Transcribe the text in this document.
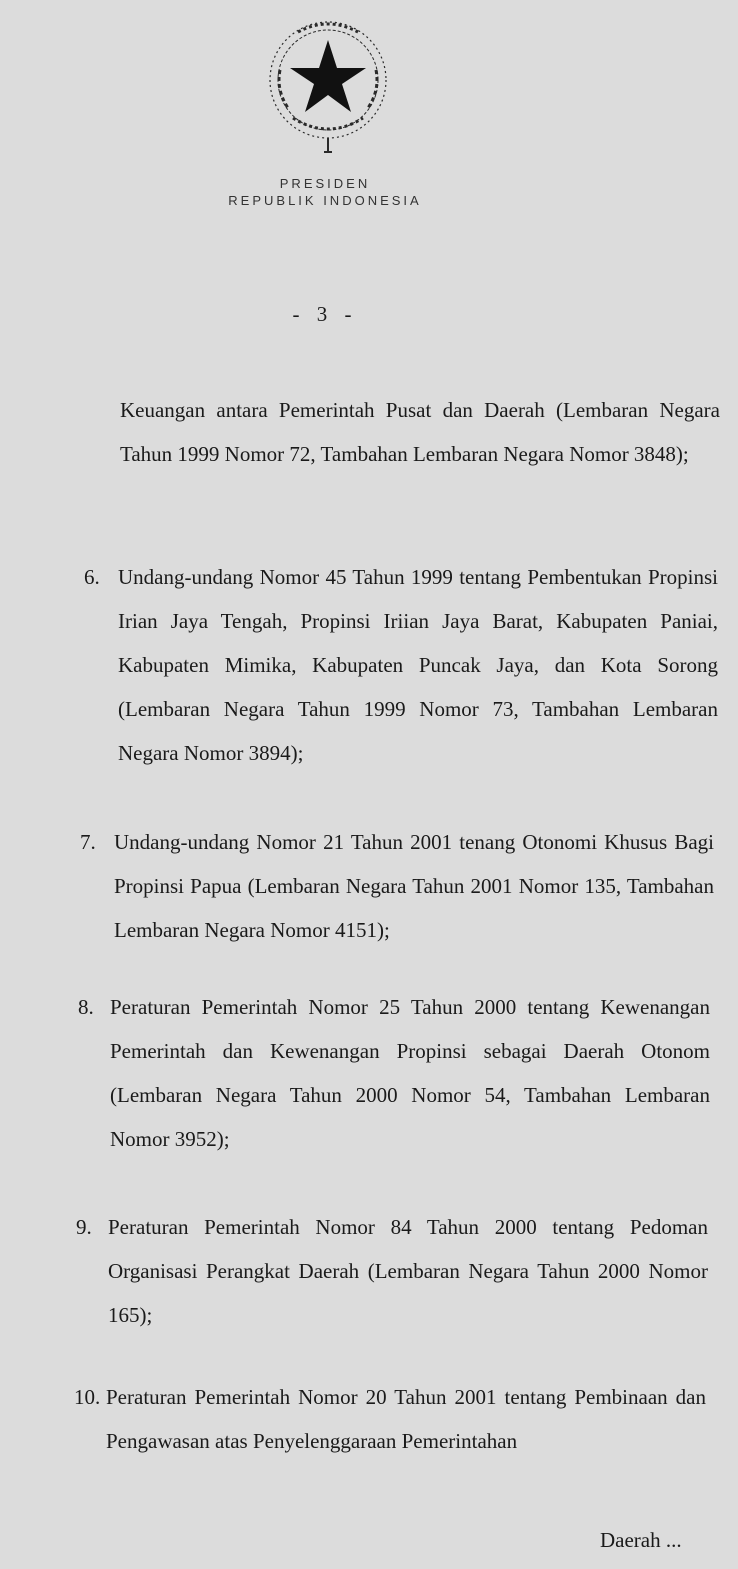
PRESIDEN
REPUBLIK INDONESIA
- 3 -
Keuangan antara Pemerintah Pusat dan Daerah (Lembaran Negara Tahun 1999 Nomor 72, Tambahan Lembaran Negara Nomor 3848);
6. Undang-undang Nomor 45 Tahun 1999 tentang Pembentukan Propinsi Irian Jaya Tengah, Propinsi Iriian Jaya Barat, Kabupaten Paniai, Kabupaten Mimika, Kabupaten Puncak Jaya, dan Kota Sorong (Lembaran Negara Tahun 1999 Nomor 73, Tambahan Lembaran Negara Nomor 3894);
7. Undang-undang Nomor 21 Tahun 2001 tenang Otonomi Khusus Bagi Propinsi Papua (Lembaran Negara Tahun 2001 Nomor 135, Tambahan Lembaran Negara Nomor 4151);
8. Peraturan Pemerintah Nomor 25 Tahun 2000 tentang Kewenangan Pemerintah dan Kewenangan Propinsi sebagai Daerah Otonom (Lembaran Negara Tahun 2000 Nomor 54, Tambahan Lembaran Nomor 3952);
9. Peraturan Pemerintah Nomor 84 Tahun 2000 tentang Pedoman Organisasi Perangkat Daerah (Lembaran Negara Tahun 2000 Nomor 165);
10. Peraturan Pemerintah Nomor 20 Tahun 2001 tentang Pembinaan dan Pengawasan atas Penyelenggaraan Pemerintahan
Daerah ...
